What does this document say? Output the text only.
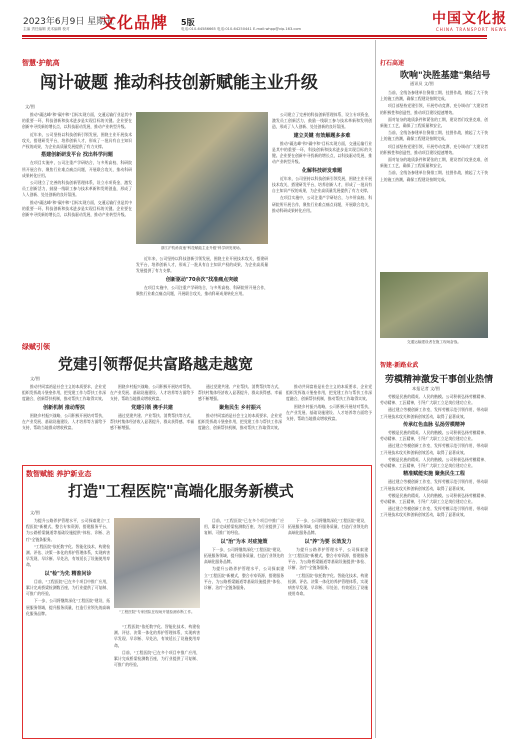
2023年6月9日 星期五
主编 责任编辑 美术编辑 校对 文化品牌 5版
电话:010-64586665 电话:010-64250441 E-mail:whpp@vip.163.com
中国文化报
CHINA TRANSPORT NEWS
智慧·护航高
闯计破题 推动科技创新赋能主业升级
文/图

推动"碳达峰"和"碳中和"目标实现方面，交通运输行业是其中的重要一环，科技创新和技术进步是实现目标的关键。企业要在创新中寻找新的增长点，以科技驱动发展，推动产业转型升级。

近年来，公司坚持以科技创新引领发展，围绕主业开展技术攻关，搭建研发平台，培养创新人才，形成了一批具有自主知识产权的成果，为企业高质量发展提供了有力支撑。

搭建创新研发平台 找出科学问题

在项目实施中，公司注重产学研结合，与多所高校、科研院所开展合作，聚焦行业难点痛点问题，开展联合攻关，推动科研成果转化应用。

公司建立了完善的科技创新管理体系，设立专项资金，激发员工创新活力，鼓励一线职工参与技术革新和发明创造，形成了人人创新、处处创新的良好氛围。

推动"碳达峰"和"碳中和"目标实现方面，交通运输行业是其中的重要一环，科技创新和技术进步是实现目标的关键。企业要在创新中寻找新的增长点，以科技驱动发展，推动产业转型升级。

浙江沪杭甬高速"科技赋能主业升级"科学研发现场。

近年来，公司坚持以科技创新引领发展，围绕主业开展技术攻关，搭建研发平台，培养创新人才，形成了一批具有自主知识产权的成果，为企业高质量发展提供了有力支撑。

创新驱动"70余次"找准痛点突破

在项目实施中，公司注重产学研结合，与多所高校、科研院所开展合作，聚焦行业难点痛点问题，开展联合攻关，推动科研成果转化应用。

公司建立了完善的科技创新管理体系，设立专项资金，激发员工创新活力，鼓励一线职工参与技术革新和发明创造，形成了人人创新、处处创新的良好氛围。

建立关键 有效解题多多难

推动"碳达峰"和"碳中和"目标实现方面，交通运输行业是其中的重要一环，科技创新和技术进步是实现目标的关键。企业要在创新中寻找新的增长点，以科技驱动发展，推动产业转型升级。

化解科技研发难题

近年来，公司坚持以科技创新引领发展，围绕主业开展技术攻关，搭建研发平台，培养创新人才，形成了一批具有自主知识产权的成果，为企业高质量发展提供了有力支撑。

在项目实施中，公司注重产学研结合，与多所高校、科研院所开展合作，聚焦行业难点痛点问题，开展联合攻关，推动科研成果转化应用。

绿赋引领
党建引领帮促共富路越走越宽
文/图

推动共同富裕是社会主义的本质要求，企业党组织发挥战斗堡垒作用，把党建工作与帮扶工作深度融合，创新帮扶机制，推动帮扶工作取得实效。

创新机制 推动帮扶

围绕乡村振兴战略，公司积极开展结对帮扶，在产业发展、基础设施建设、人才培养等方面给予支持，帮助当地群众增收致富。

围绕乡村振兴战略，公司积极开展结对帮扶，在产业发展、基础设施建设、人才培养等方面给予支持，帮助当地群众增收致富。

党建引领 携手共建

通过党建共建、产业帮扶、消费帮扶等方式，帮扶村集体经济收入显著提升，群众获得感、幸福感不断增强。

通过党建共建、产业帮扶、消费帮扶等方式，帮扶村集体经济收入显著提升，群众获得感、幸福感不断增强。

聚焦民生 乡村振兴

推动共同富裕是社会主义的本质要求，企业党组织发挥战斗堡垒作用，把党建工作与帮扶工作深度融合，创新帮扶机制，推动帮扶工作取得实效。

推动共同富裕是社会主义的本质要求，企业党组织发挥战斗堡垒作用，把党建工作与帮扶工作深度融合，创新帮扶机制，推动帮扶工作取得实效。

围绕乡村振兴战略，公司积极开展结对帮扶，在产业发展、基础设施建设、人才培养等方面给予支持，帮助当地群众增收致富。

数智赋能 养护新业态
打造"工程医院"高端化服务新模式
文/图

为提升公路养护管理水平，公司探索建立"工程医院"新模式，整合专家资源，搭建服务平台，为公路桥梁隧道等基础设施提供"体检、诊断、治疗"全链条服务。

"工程医院"依托数字化、智能化技术，构建检测、评估、决策一体化的养护管理体系，实现病害早发现、早诊断、早处治，有效延长了设施使用寿命。

以"检"为先 精准问诊

目前，"工程医院"已在多个项目中推广应用，累计完成桥梁检测数百座，为行业提供了可复制、可推广的经验。

下一步，公司将继续深化"工程医院"建设，拓展服务领域，提升服务质量，打造行业领先的高端化服务品牌。	"工程医院"专家团队在现场开展检测诊断工作。

"工程医院"依托数字化、智能化技术，构建检测、评估、决策一体化的养护管理体系，实现病害早发现、早诊断、早处治，有效延长了设施使用寿命。

目前，"工程医院"已在多个项目中推广应用，累计完成桥梁检测数百座，为行业提供了可复制、可推广的经验。

目前，"工程医院"已在多个项目中推广应用，累计完成桥梁检测数百座，为行业提供了可复制、可推广的经验。

以"治"为本 对症施策

下一步，公司将继续深化"工程医院"建设，拓展服务领域，提升服务质量，打造行业领先的高端化服务品牌。

为提升公路养护管理水平，公司探索建立"工程医院"新模式，整合专家资源，搭建服务平台，为公路桥梁隧道等基础设施提供"体检、诊断、治疗"全链条服务。

下一步，公司将继续深化"工程医院"建设，拓展服务领域，提升服务质量，打造行业领先的高端化服务品牌。

以"养"为要 长效发力

为提升公路养护管理水平，公司探索建立"工程医院"新模式，整合专家资源，搭建服务平台，为公路桥梁隧道等基础设施提供"体检、诊断、治疗"全链条服务。

"工程医院"依托数字化、智能化技术，构建检测、评估、决策一体化的养护管理体系，实现病害早发现、早诊断、早处治，有效延长了设施使用寿命。

打石高速
吹响"决胜基建"集结号
通讯员 文/图

当前，全线各参建单位倒排工期、挂图作战，掀起了大干快上的施工热潮，确保工程建设按期完成。

项目部坚持党建引领，开展劳动竞赛，充分调动广大建设者的积极性和创造性，推动项目建设提速增效。

面对复杂的地质条件和紧张的工期，建设者们攻坚克难，创新施工工艺，确保了工程质量和安全。

当前，全线各参建单位倒排工期、挂图作战，掀起了大干快上的施工热潮，确保工程建设按期完成。

项目部坚持党建引领，开展劳动竞赛，充分调动广大建设者的积极性和创造性，推动项目建设提速增效。

面对复杂的地质条件和紧张的工期，建设者们攻坚克难，创新施工工艺，确保了工程质量和安全。

当前，全线各参建单位倒排工期、挂图作战，掀起了大干快上的施工热潮，确保工程建设按期完成。

交通运输建设者在施工现场奋战。
智建·新路业武
劳模精神激发干事创业热情
本报记者 文/图

劳模是民族的精英、人民的楷模。公司积极弘扬劳模精神、劳动精神、工匠精神，引导广大职工立足岗位建功立业。

通过建立劳模创新工作室，发挥劳模示范引领作用，带动职工开展技术攻关和创新创效活动，取得了显著成效。

传承红色血脉 弘扬劳模精神

劳模是民族的精英、人民的楷模。公司积极弘扬劳模精神、劳动精神、工匠精神，引导广大职工立足岗位建功立业。

通过建立劳模创新工作室，发挥劳模示范引领作用，带动职工开展技术攻关和创新创效活动，取得了显著成效。

劳模是民族的精英、人民的楷模。公司积极弘扬劳模精神、劳动精神、工匠精神，引导广大职工立足岗位建功立业。

精准赋能实施 聚焦民生工程

通过建立劳模创新工作室，发挥劳模示范引领作用，带动职工开展技术攻关和创新创效活动，取得了显著成效。

劳模是民族的精英、人民的楷模。公司积极弘扬劳模精神、劳动精神、工匠精神，引导广大职工立足岗位建功立业。

通过建立劳模创新工作室，发挥劳模示范引领作用，带动职工开展技术攻关和创新创效活动，取得了显著成效。
